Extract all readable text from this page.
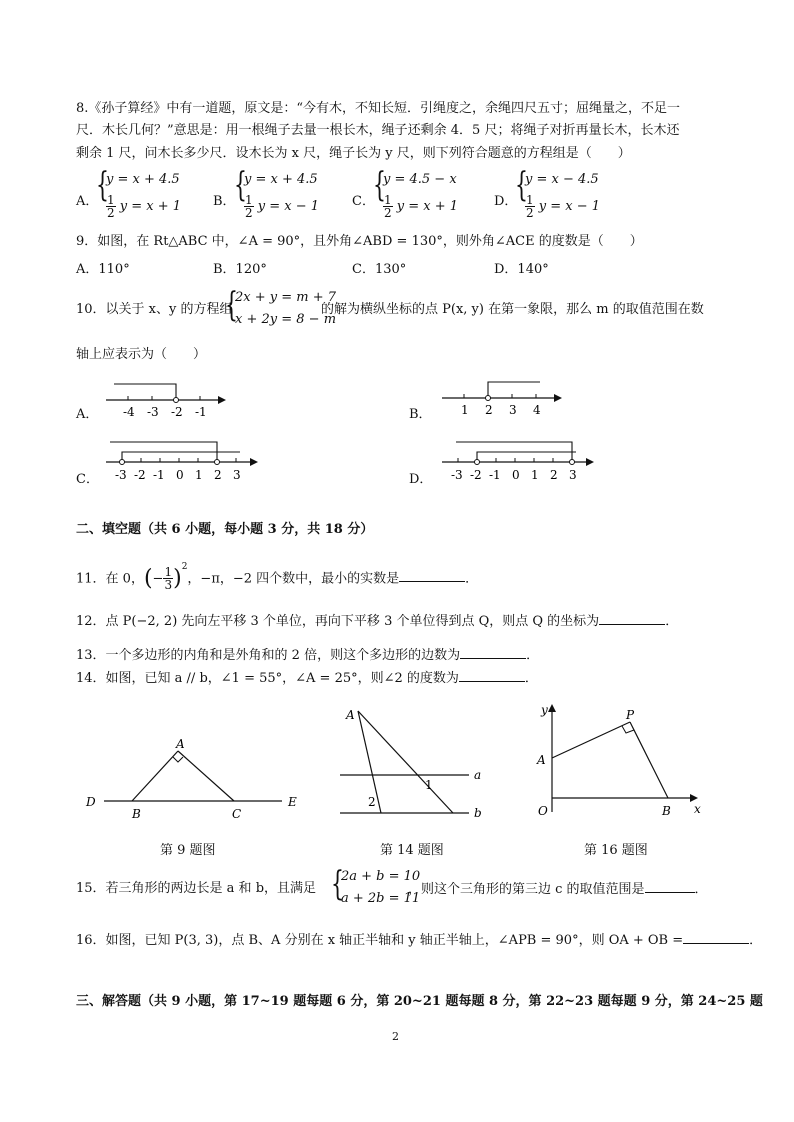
8.《孙子算经》中有一道题，原文是：“今有木，不知长短．引绳度之，余绳四尺五寸；屈绳量之，不足一
尺．木长几何？”意思是：用一根绳子去量一根长木，绳子还剩余 4．5 尺；将绳子对折再量长木，长木还
剩余 1 尺，问木长多少尺．设木长为 x 尺，绳子长为 y 尺，则下列符合题意的方程组是（　　）
A．
{
y = x + 4.5
$\frac{1}{2}$ y = x + 1 B．
{
y = x + 4.5
$\frac{1}{2}$ y = x − 1	C．
{
y = 4.5 − x
$\frac{1}{2}$ y = x + 1	D．
{
y = x − 4.5
$\frac{1}{2}$ y = x − 1
9．如图，在 Rt△ABC 中，∠A = 90°，且外角∠ABD = 130°，则外角∠ACE 的度数是（　　）
A．110°	B．120°	C．130°	D．140°
10．以关于 x、y 的方程组
{
2x + y = m + 7
x + 2y = 8 − m
的解为横纵坐标的点 P(x, y) 在第一象限，那么 m 的取值范围在数
轴上应表示为（　　）
A． -4 -3 -2 -1	B． 1 2 3 4
C． -3 -2 -1 0 1 2 3	D． -3 -2 -1 0 1 2 3
二、填空题（共 6 小题，每小题 3 分，共 18 分）
11．在 0，(− $\frac{1}{3} )^2$，−π，−2 四个数中，最小的实数是	．
12．点 P(−2, 2) 先向左平移 3 个单位，再向下平移 3 个单位得到点 Q，则点 Q 的坐标为	．
13．一个多边形的内角和是外角和的 2 倍，则这个多边形的边数为	．
14．如图，已知 a // b，∠1 = 55°，∠A = 25°，则∠2 的度数为	．
A
B	C
D	E
第 9 题图
A
a
b
1
2
第 14 题图
P
A
B
O	x
y
第 16 题图
15．若三角形的两边长是 a 和 b，且满足 {
2a + b = 10
a + 2b = 11
，则这个三角形的第三边 c 的取值范围是	．
16．如图，已知 P(3, 3)，点 B、A 分别在 x 轴正半轴和 y 轴正半轴上，∠APB = 90°，则 OA + OB =	．
三、解答题（共 9 小题，第 17~19 题每题 6 分，第 20~21 题每题 8 分，第 22~23 题每题 9 分，第 24~25 题
2
